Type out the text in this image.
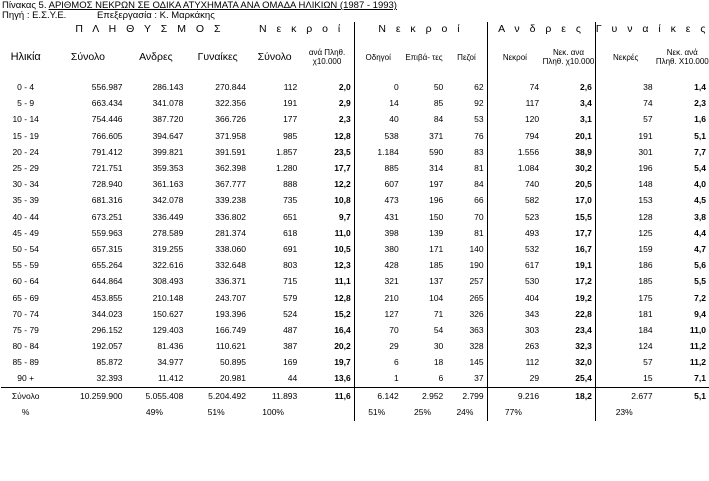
Πίνακας 5. ΑΡΙΘΜΟΣ ΝΕΚΡΩΝ ΣΕ ΟΔΙΚΑ ΑΤΥΧΗΜΑΤΑ ΑΝΑ ΟΜΑΔΑ ΗΛΙΚΙΩΝ (1987 - 1993)
Πηγή : Ε.Σ.Υ.Ε.	Επεξεργασία : Κ. Μαρκάκης
	Π Λ Η Θ Υ Σ Μ Ο Σ			Ν ε κ ρ ο ί		Ν ε κ ρ ο ί			Α ν δ ρ ε ς		Γ υ ν α ί κ ε ς	
Ηλικία	Σύνολο	Ανδρες	Γυναίκες	Σύνολο	ανά Πληθ. χ10.000	Οδηγοί	Επιβά- τες	Πεζοί	Νεκροί	Νεκ. ανα Πληθ. χ10.000	Νεκρές	Νεκ. ανά Πληθ. Χ10.000
0 - 4	556.987	286.143	270.844	112	2,0	0	50	62	74	2,6	38	1,4
5 - 9	663.434	341.078	322.356	191	2,9	14	85	92	117	3,4	74	2,3
10 - 14	754.446	387.720	366.726	177	2,3	40	84	53	120	3,1	57	1,6
15 - 19	766.605	394.647	371.958	985	12,8	538	371	76	794	20,1	191	5,1
20 - 24	791.412	399.821	391.591	1.857	23,5	1.184	590	83	1.556	38,9	301	7,7
25 - 29	721.751	359.353	362.398	1.280	17,7	885	314	81	1.084	30,2	196	5,4
30 - 34	728.940	361.163	367.777	888	12,2	607	197	84	740	20,5	148	4,0
35 - 39	681.316	342.078	339.238	735	10,8	473	196	66	582	17,0	153	4,5
40 - 44	673.251	336.449	336.802	651	9,7	431	150	70	523	15,5	128	3,8
45 - 49	559.963	278.589	281.374	618	11,0	398	139	81	493	17,7	125	4,4
50 - 54	657.315	319.255	338.060	691	10,5	380	171	140	532	16,7	159	4,7
55 - 59	655.264	322.616	332.648	803	12,3	428	185	190	617	19,1	186	5,6
60 - 64	644.864	308.493	336.371	715	11,1	321	137	257	530	17,2	185	5,5
65 - 69	453.855	210.148	243.707	579	12,8	210	104	265	404	19,2	175	7,2
70 - 74	344.023	150.627	193.396	524	15,2	127	71	326	343	22,8	181	9,4
75 - 79	296.152	129.403	166.749	487	16,4	70	54	363	303	23,4	184	11,0
80 - 84	192.057	81.436	110.621	387	20,2	29	30	328	263	32,3	124	11,2
85 - 89	85.872	34.977	50.895	169	19,7	6	18	145	112	32,0	57	11,2
90 +	32.393	11.412	20.981	44	13,6	1	6	37	29	25,4	15	7,1
Σύνολο	10.259.900	5.055.408	5.204.492	11.893	11,6	6.142	2.952	2.799	9.216	18,2	2.677	5,1
%		49%	51%	100%		51%	25%	24%	77%		23%	
